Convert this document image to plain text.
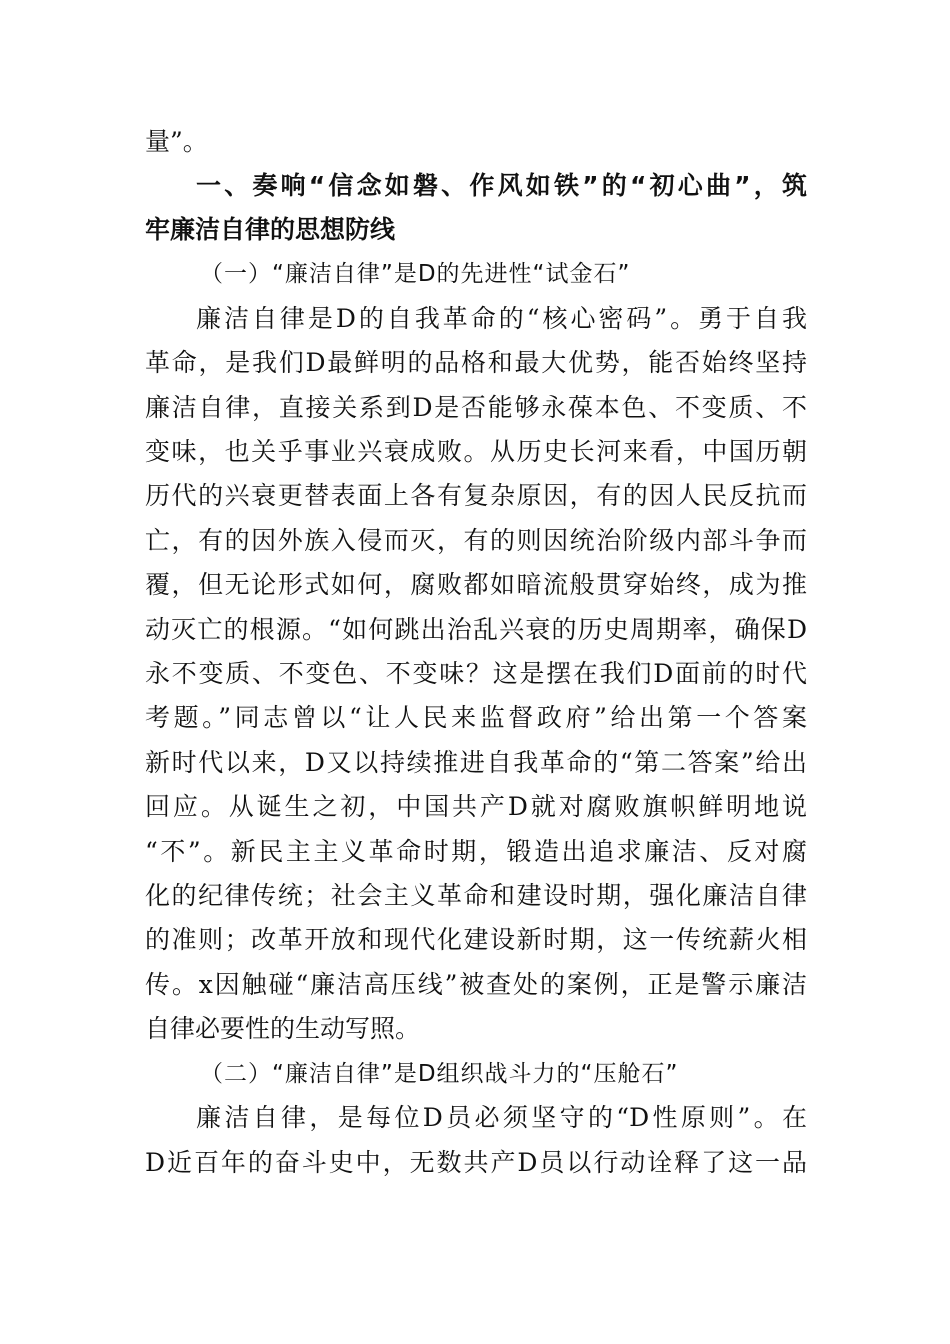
量”。
一、奏响“信念如磐、作风如铁”的“初心曲”，筑
牢廉洁自律的思想防线
（一）“廉洁自律”是D的先进性“试金石”
廉洁自律是D的自我革命的“核心密码”。勇于自我
革命，是我们D最鲜明的品格和最大优势，能否始终坚持
廉洁自律，直接关系到D是否能够永葆本色、不变质、不
变味，也关乎事业兴衰成败。从历史长河来看，中国历朝
历代的兴衰更替表面上各有复杂原因，有的因人民反抗而
亡，有的因外族入侵而灭，有的则因统治阶级内部斗争而
覆，但无论形式如何，腐败都如暗流般贯穿始终，成为推
动灭亡的根源。“如何跳出治乱兴衰的历史周期率，确保D
永不变质、不变色、不变味？这是摆在我们D面前的时代
考题。”同志曾以“让人民来监督政府”给出第一个答案
新时代以来，D又以持续推进自我革命的“第二答案”给出
回应。从诞生之初，中国共产D就对腐败旗帜鲜明地说
“不”。新民主主义革命时期，锻造出追求廉洁、反对腐
化的纪律传统；社会主义革命和建设时期，强化廉洁自律
的准则；改革开放和现代化建设新时期，这一传统薪火相
传。x因触碰“廉洁高压线”被查处的案例，正是警示廉洁
自律必要性的生动写照。
（二）“廉洁自律”是D组织战斗力的“压舱石”
廉洁自律，是每位D员必须坚守的“D性原则”。在
D近百年的奋斗史中，无数共产D员以行动诠释了这一品
